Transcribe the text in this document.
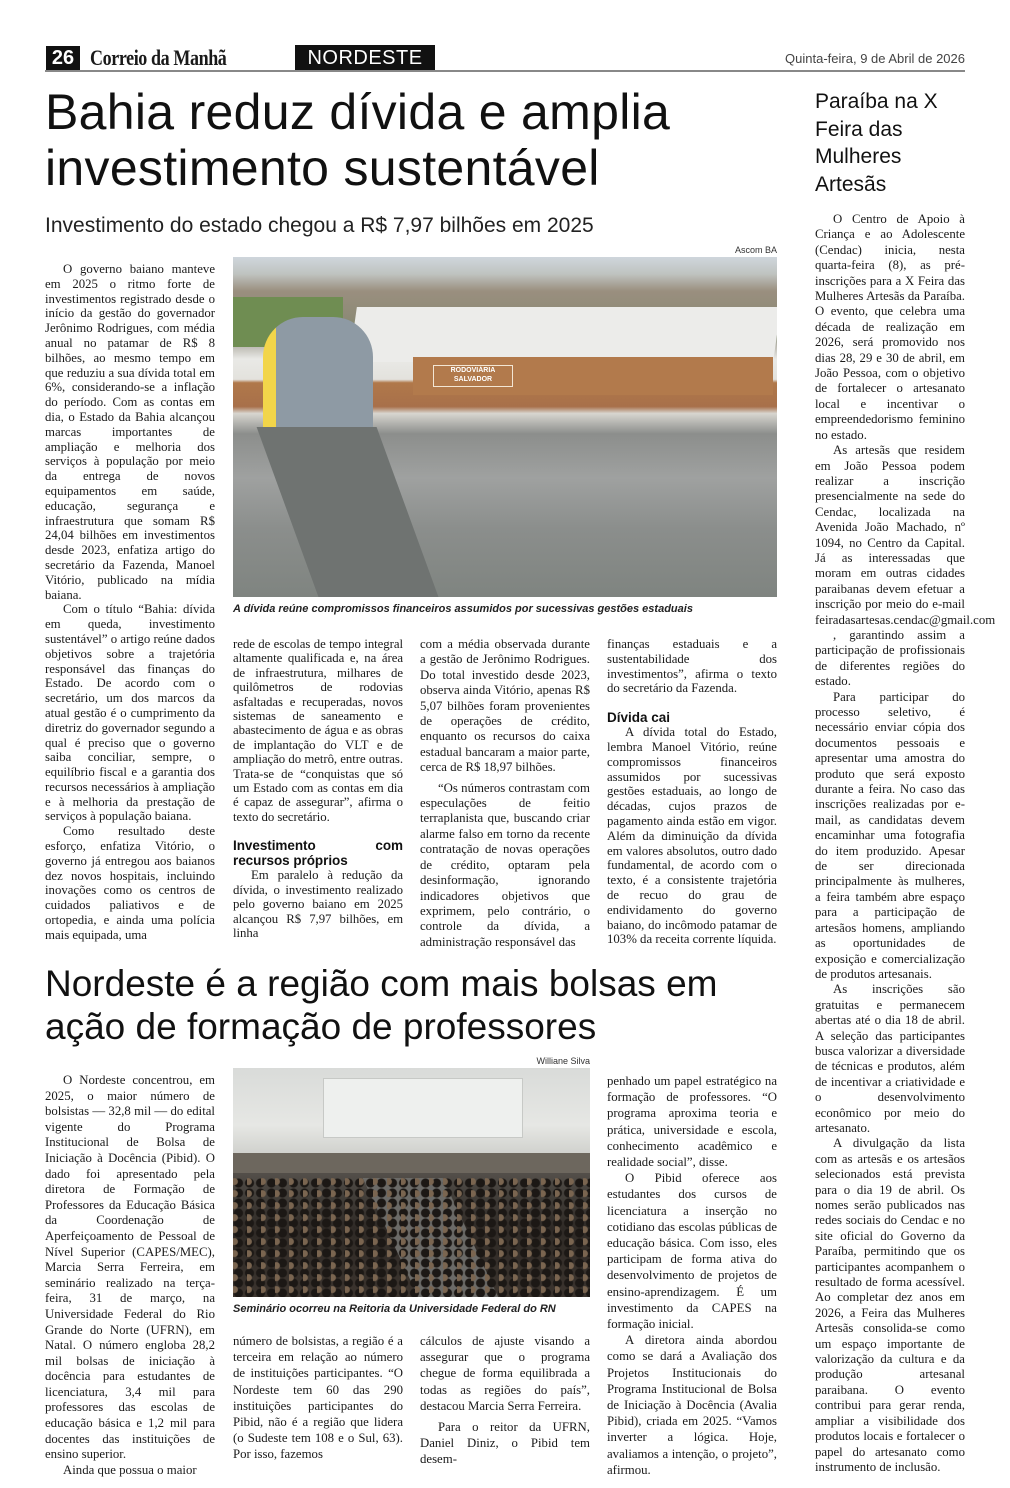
26 Correio da Manhã	NORDESTE	Quinta-feira, 9 de Abril de 2026
Bahia reduz dívida e amplia investimento sustentável
Investimento do estado chegou a R$ 7,97 bilhões em 2025
Ascom BA
RODOVIÁRIA SALVADOR
A dívida reúne compromissos financeiros assumidos por sucessivas gestões estaduais

O governo baiano manteve em 2025 o ritmo forte de investimentos registrado desde o início da gestão do governador Jerônimo Rodrigues, com média anual no patamar de R$ 8 bilhões, ao mesmo tempo em que reduziu a sua dívida total em 6%, considerando-se a inflação do período. Com as contas em dia, o Estado da Bahia alcançou marcas importantes de ampliação e melhoria dos serviços à população por meio da entrega de novos equipamentos em saúde, educação, segurança e infraestrutura que somam R$ 24,04 bilhões em investimentos desde 2023, enfatiza artigo do secretário da Fazenda, Manoel Vitório, publicado na mídia baiana.

Com o título “Bahia: dívida em queda, investimento sustentável” o artigo reúne dados objetivos sobre a trajetória responsável das finanças do Estado. De acordo com o secretário, um dos marcos da atual gestão é o cumprimento da diretriz do governador segundo a qual é preciso que o governo saiba conciliar, sempre, o equilíbrio fiscal e a garantia dos recursos necessários à ampliação e à melhoria da prestação de serviços à população baiana.

Como resultado deste esforço, enfatiza Vitório, o governo já entregou aos baianos dez novos hospitais, incluindo inovações como os centros de cuidados paliativos e de ortopedia, e ainda uma polícia mais equipada, uma

rede de escolas de tempo integral altamente qualificada e, na área de infraestrutura, milhares de quilômetros de rodovias asfaltadas e recuperadas, novos sistemas de saneamento e abastecimento de água e as obras de implantação do VLT e de ampliação do metrô, entre outras. Trata-se de “conquistas que só um Estado com as contas em dia é capaz de assegurar”, afirma o texto do secretário.

Investimento com recursos próprios

Em paralelo à redução da dívida, o investimento realizado pelo governo baiano em 2025 alcançou R$ 7,97 bilhões, em linha

com a média observada durante a gestão de Jerônimo Rodrigues. Do total investido desde 2023, observa ainda Vitório, apenas R$ 5,07 bilhões foram provenientes de operações de crédito, enquanto os recursos do caixa estadual bancaram a maior parte, cerca de R$ 18,97 bilhões.

“Os números contrastam com especulações de feitio terraplanista que, buscando criar alarme falso em torno da recente contratação de novas operações de crédito, optaram pela desinformação, ignorando indicadores objetivos que exprimem, pelo contrário, o controle da dívida, a administração responsável das

finanças estaduais e a sustentabilidade dos investimentos”, afirma o texto do secretário da Fazenda.

Dívida cai

A dívida total do Estado, lembra Manoel Vitório, reúne compromissos financeiros assumidos por sucessivas gestões estaduais, ao longo de décadas, cujos prazos de pagamento ainda estão em vigor. Além da diminuição da dívida em valores absolutos, outro dado fundamental, de acordo com o texto, é a consistente trajetória de recuo do grau de endividamento do governo baiano, do incômodo patamar de 103% da receita corrente líquida.

Nordeste é a região com mais bolsas em ação de formação de professores
Williane Silva
Seminário ocorreu na Reitoria da Universidade Federal do RN

O Nordeste concentrou, em 2025, o maior número de bolsistas — 32,8 mil — do edital vigente do Programa Institucional de Bolsa de Iniciação à Docência (Pibid). O dado foi apresentado pela diretora de Formação de Professores da Educação Básica da Coordenação de Aperfeiçoamento de Pessoal de Nível Superior (CAPES/MEC), Marcia Serra Ferreira, em seminário realizado na terça-feira, 31 de março, na Universidade Federal do Rio Grande do Norte (UFRN), em Natal. O número engloba 28,2 mil bolsas de iniciação à docência para estudantes de licenciatura, 3,4 mil para professores das escolas de educação básica e 1,2 mil para docentes das instituições de ensino superior.

Ainda que possua o maior

número de bolsistas, a região é a terceira em relação ao número de instituições participantes. “O Nordeste tem 60 das 290 instituições participantes do Pibid, não é a região que lidera (o Sudeste tem 108 e o Sul, 63). Por isso, fazemos

cálculos de ajuste visando a assegurar que o programa chegue de forma equilibrada a todas as regiões do país”, destacou Marcia Serra Ferreira.

Para o reitor da UFRN, Daniel Diniz, o Pibid tem desem-

penhado um papel estratégico na formação de professores. “O programa aproxima teoria e prática, universidade e escola, conhecimento acadêmico e realidade social”, disse.

O Pibid oferece aos estudantes dos cursos de licenciatura a inserção no cotidiano das escolas públicas de educação básica. Com isso, eles participam de forma ativa do desenvolvimento de projetos de ensino-aprendizagem. É um investimento da CAPES na formação inicial.

A diretora ainda abordou como se dará a Avaliação dos Projetos Institucionais do Programa Institucional de Bolsa de Iniciação à Docência (Avalia Pibid), criada em 2025. “Vamos inverter a lógica. Hoje, avaliamos a intenção, o projeto”, afirmou.

Paraíba na X Feira das Mulheres Artesãs

O Centro de Apoio à Criança e ao Adolescente (Cendac) inicia, nesta quarta-feira (8), as pré-inscrições para a X Feira das Mulheres Artesãs da Paraíba. O evento, que celebra uma década de realização em 2026, será promovido nos dias 28, 29 e 30 de abril, em João Pessoa, com o objetivo de fortalecer o artesanato local e incentivar o empreendedorismo feminino no estado.

As artesãs que residem em João Pessoa podem realizar a inscrição presencialmente na sede do Cendac, localizada na Avenida João Machado, nº 1094, no Centro da Capital. Já as interessadas que moram em outras cidades paraibanas devem efetuar a inscrição por meio do e-mail feiradasartesas.cendac@gmail.com

, garantindo assim a participação de profissionais de diferentes regiões do estado.

Para participar do processo seletivo, é necessário enviar cópia dos documentos pessoais e apresentar uma amostra do produto que será exposto durante a feira. No caso das inscrições realizadas por e-mail, as candidatas devem encaminhar uma fotografia do item produzido. Apesar de ser direcionada principalmente às mulheres, a feira também abre espaço para a participação de artesãos homens, ampliando as oportunidades de exposição e comercialização de produtos artesanais.

As inscrições são gratuitas e permanecem abertas até o dia 18 de abril. A seleção das participantes busca valorizar a diversidade de técnicas e produtos, além de incentivar a criatividade e o desenvolvimento econômico por meio do artesanato.

A divulgação da lista com as artesãs e os artesãos selecionados está prevista para o dia 19 de abril. Os nomes serão publicados nas redes sociais do Cendac e no site oficial do Governo da Paraíba, permitindo que os participantes acompanhem o resultado de forma acessível. Ao completar dez anos em 2026, a Feira das Mulheres Artesãs consolida-se como um espaço importante de valorização da cultura e da produção artesanal paraibana. O evento contribui para gerar renda, ampliar a visibilidade dos produtos locais e fortalecer o papel do artesanato como instrumento de inclusão.
